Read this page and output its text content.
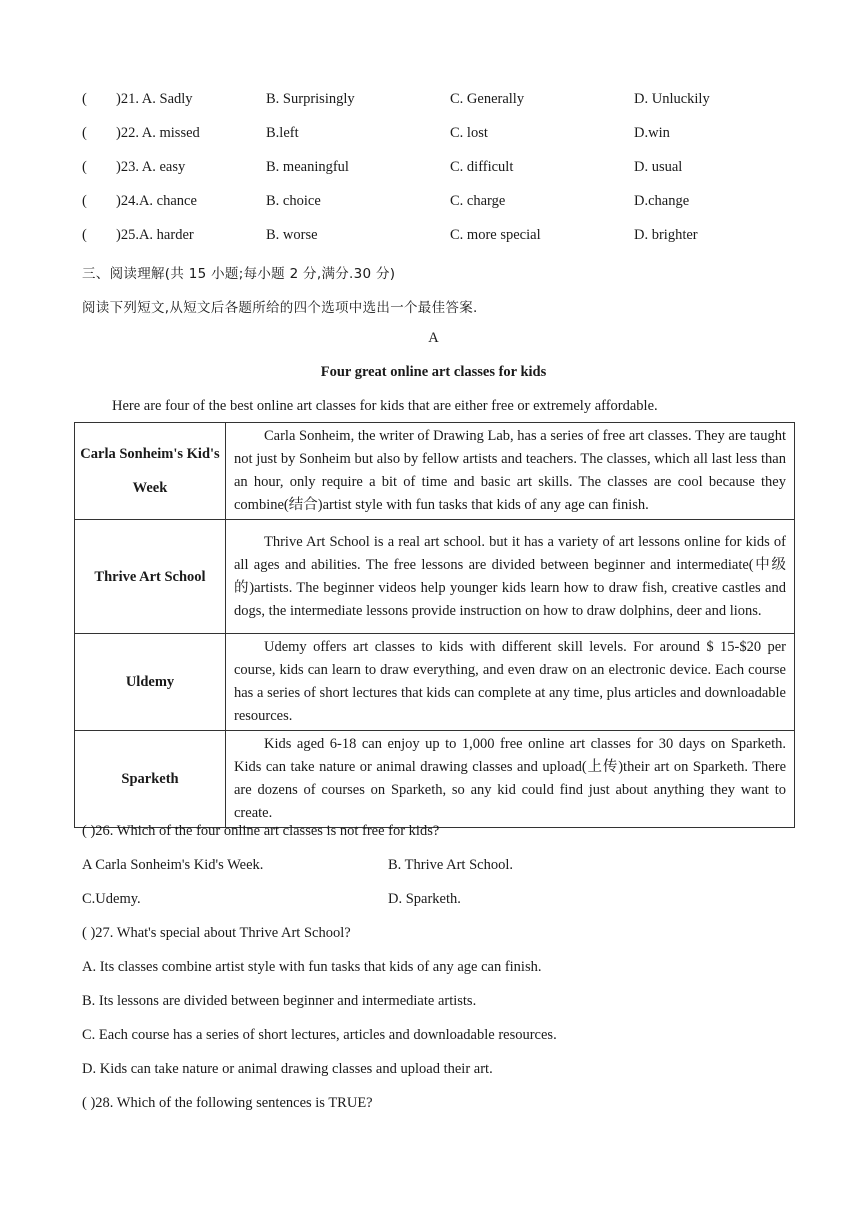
( )21. A. Sadly	B. Surprisingly	C. Generally	D. Unluckily
( )22. A. missed	B.left	C. lost	D.win
( )23. A. easy	B. meaningful	C. difficult	D. usual
( )24.A. chance	B. choice	C. charge	D.change
( )25.A. harder	B. worse	C. more special	D. brighter
三、阅读理解(共 15 小题;每小题 2 分,满分.30 分)
阅读下列短文,从短文后各题所给的四个选项中选出一个最佳答案.
A
Four great online art classes for kids
Here are four of the best online art classes for kids that are either free or extremely affordable.
Carla Sonheim's Kid's Week	Carla Sonheim, the writer of Drawing Lab, has a series of free art classes. They are taught not just by Sonheim but also by fellow artists and teachers. The classes, which all last less than an hour, only require a bit of time and basic art skills. The classes are cool because they combine(结合)artist style with fun tasks that kids of any age can finish.

Thrive Art School	Thrive Art School is a real art school. but it has a variety of art lessons online for kids of all ages and abilities. The free lessons are divided between beginner and intermediate(中级的)artists. The beginner videos help younger kids learn how to draw fish, creative castles and dogs, the intermediate lessons provide instruction on how to draw dolphins, deer and lions.

Uldemy	Udemy offers art classes to kids with different skill levels. For around $ 15-$20 per course, kids can learn to draw everything, and even draw on an electronic device. Each course has a series of short lectures that kids can complete at any time, plus articles and downloadable resources.

Sparketh	Kids aged 6-18 can enjoy up to 1,000 free online art classes for 30 days on Sparketh. Kids can take nature or animal drawing classes and upload(上传)their art on Sparketh. There are dozens of courses on Sparketh, so any kid could find just about anything they want to create.

( )26. Which of the four online art classes is not free for kids?
A Carla Sonheim's Kid's Week.	B. Thrive Art School.
C.Udemy.	D. Sparketh.
( )27. What's special about Thrive Art School?
A. Its classes combine artist style with fun tasks that kids of any age can finish.
B. Its lessons are divided between beginner and intermediate artists.
C. Each course has a series of short lectures, articles and downloadable resources.
D. Kids can take nature or animal drawing classes and upload their art.
( )28. Which of the following sentences is TRUE?
